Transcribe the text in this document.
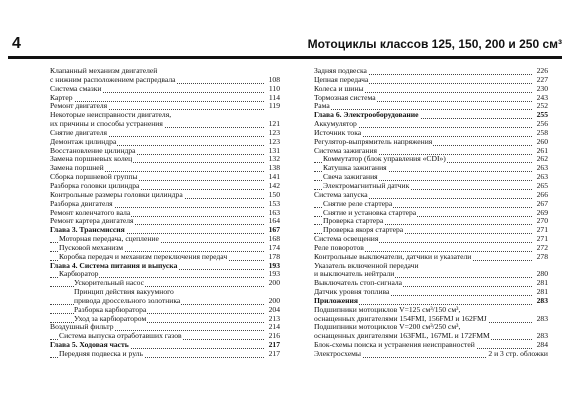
4	Мотоциклы классов 125, 150, 200 и 250 см³
Клапанный механизм двигателей
с нижним расположением распредвала	108
Система смазки	110
Картер	114
Ремонт двигателя	119
Некоторые неисправности двигателя,
их причины и способы устранения	121
Снятие двигателя	123
Демонтаж цилиндра	123
Восстановление цилиндра	131
Замена поршневых колец	132
Замена поршней	138
Сборка поршневой группы	141
Разборка головки цилиндра	142
Контрольные размеры головки цилиндра	150
Разборка двигателя	153
Ремонт коленчатого вала	163
Ремонт картера двигателя	164
Глава 3. Трансмиссия	167
Моторная передача, сцепление	168
Пусковой механизм	174
Коробка передач и механизм переключения передач	178
Глава 4. Система питания и выпуска	193
Карбюратор	193
Ускорительный насос	200
Принцип действия вакуумного
привода дроссельного золотника	200
Разборка карбюратора	204
Уход за карбюратором	213
Воздушный фильтр	214
Система выпуска отработавших газов	216
Глава 5. Ходовая часть	217
Передняя подвеска и руль	217
Задняя подвеска	226
Цепная передача	227
Колеса и шины	230
Тормозная система	243
Рама	252
Глава 6. Электрооборудование	255
Аккумулятор	256
Источник тока	258
Регулятор-выпрямитель напряжения	260
Система зажигания	261
Коммутатор (блок управления «CDI»)	262
Катушка зажигания	263
Свеча зажигания	263
Электромагнитный датчик	265
Система запуска	266
Снятие реле стартера	267
Снятие и установка стартера	269
Проверка стартера	270
Проверка якоря стартера	271
Система освещения	271
Реле поворотов	272
Контрольные выключатели, датчики и указатели	278
Указатель включенной передачи
и выключатель нейтрали	280
Выключатель стоп-сигнала	281
Датчик уровня топлива	281
Приложения	283
Подшипники мотоциклов V=125 см³/150 см³,
оснащенных двигателями 154FMI, 156FMJ и 162FMJ	283
Подшипники мотоциклов V=200 см³/250 см³,
оснащенных двигателями 163FML, 167ML и 172FMM	283
Блок-схемы поиска и устранения неисправностей	284
Электросхемы	2 и 3 стр. обложки
